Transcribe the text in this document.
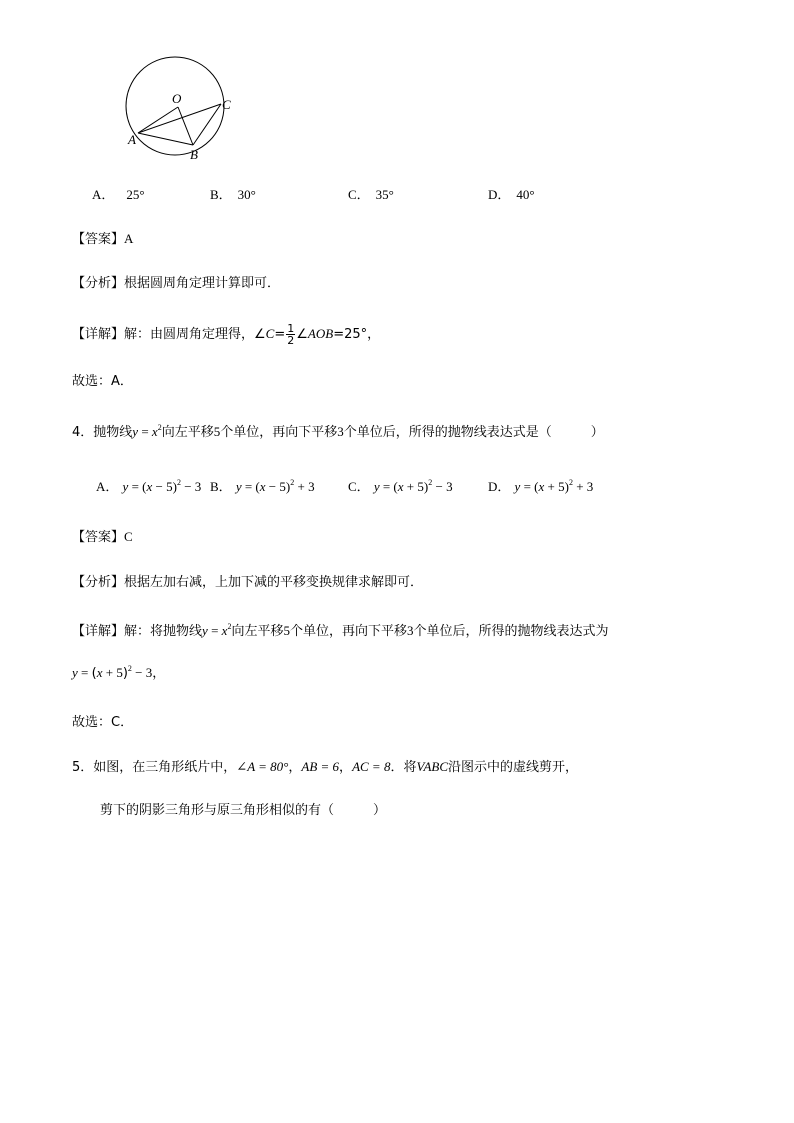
O	C
A
B
A． 25°	B． 30°	C． 35°	D． 40°
【答案】A
【分析】根据圆周角定理计算即可．
【详解】解：由圆周角定理得，∠C= $\frac{1}{2}$ ∠AOB=25°，
故选：A．
4．抛物线$y = x^2$向左平移5个单位，再向下平移3个单位后，所得的抛物线表达式是（　　　）
A． $y = (x - 5)^2 - 3$ B． $y = (x - 5)^2 + 3$	C． $y = (x + 5)^2 - 3$	D． $y = (x + 5)^2 + 3$
【答案】C
【分析】根据左加右减，上加下减的平移变换规律求解即可．
【详解】解：将抛物线$y = x^2$向左平移5个单位，再向下平移3个单位后，所得的抛物线表达式为
$y = (x + 5)^2 - 3$，
故选：C．
5．如图，在三角形纸片中，∠A = 80°，AB = 6，AC = 8．将VABC沿图示中的虚线剪开，
剪下的阴影三角形与原三角形相似的有（　　　）
